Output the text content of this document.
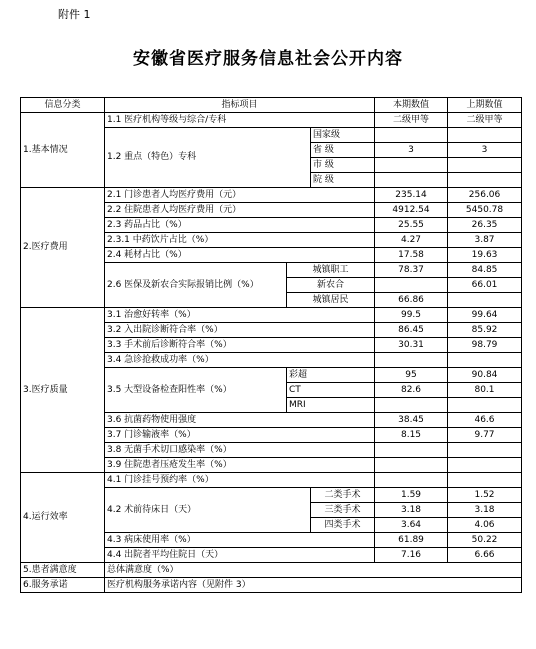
附件 1
安徽省医疗服务信息社会公开内容
信息分类	指标项目			本期数值	上期数值
1.基本情况	1.1 医疗机构等级与综合/专科			二级甲等	二级甲等
	1.2 重点（特色）专科		国家级		
			省 级	3	3
			市 级		
			院 级		
2.医疗费用	2.1 门诊患者人均医疗费用（元）			235.14	256.06
	2.2 住院患者人均医疗费用（元）			4912.54	5450.78
	2.3 药品占比（%）			25.55	26.35
	2.3.1 中药饮片占比（%）			4.27	3.87
	2.4 耗材占比（%）			17.58	19.63
	2.6 医保及新农合实际报销比例（%）	城镇职工		78.37	84.85
		新农合			66.01
		城镇居民		66.86	
3.医疗质量	3.1 治愈好转率（%）			99.5	99.64
	3.2 入出院诊断符合率（%）			86.45	85.92
	3.3 手术前后诊断符合率（%）			30.31	98.79
	3.4 急诊抢救成功率（%）				
	3.5 大型设备检查阳性率（%）	彩超		95	90.84
		CT		82.6	80.1
		MRI			
	3.6 抗菌药物使用强度			38.45	46.6
	3.7 门诊输液率（%）			8.15	9.77
	3.8 无菌手术切口感染率（%）				
	3.9 住院患者压疮发生率（%）				
4.运行效率	4.1 门诊挂号预约率（%）				
	4.2 术前待床日（天）		二类手术	1.59	1.52
			三类手术	3.18	3.18
			四类手术	3.64	4.06
	4.3 病床使用率（%）			61.89	50.22
	4.4 出院者平均住院日（天）			7.16	6.66
5.患者满意度	总体满意度（%）				
6.服务承诺	医疗机构服务承诺内容（见附件 3）				
